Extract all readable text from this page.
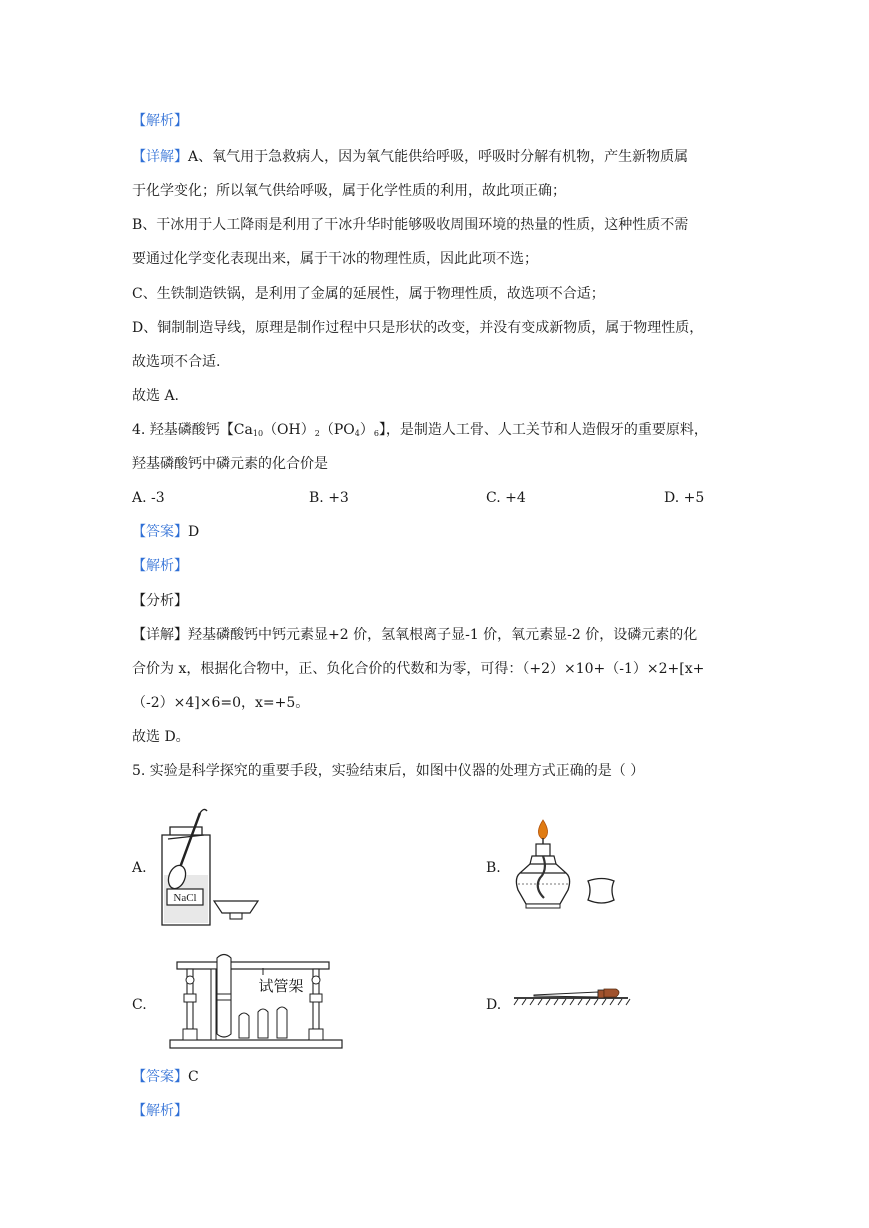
【解析】
【详解】A、氧气用于急救病人，因为氧气能供给呼吸，呼吸时分解有机物，产生新物质属
于化学变化；所以氧气供给呼吸，属于化学性质的利用，故此项正确；
B、干冰用于人工降雨是利用了干冰升华时能够吸收周围环境的热量的性质，这种性质不需
要通过化学变化表现出来，属于干冰的物理性质，因此此项不选；
C、生铁制造铁锅，是利用了金属的延展性，属于物理性质，故选项不合适；
D、铜制制造导线，原理是制作过程中只是形状的改变，并没有变成新物质，属于物理性质，
故选项不合适.
故选 A.
4. 羟基磷酸钙【$Ca_{10}(OH)_2(PO_4)_6$】，是制造人工骨、人工关节和人造假牙的重要原料，
羟基磷酸钙中磷元素的化合价是
A. -3	B. +3	C. +4	D. +5
【答案】D
【解析】
【分析】
【详解】羟基磷酸钙中钙元素显+2 价，氢氧根离子显-1 价，氧元素显-2 价，设磷元素的化
合价为 x，根据化合物中，正、负化合价的代数和为零，可得：（+2）×10+（-1）×2+[x+
（-2）×4]×6=0，x=+5。
故选 D。
5. 实验是科学探究的重要手段，实验结束后，如图中仪器的处理方式正确的是（ ）
A.	B.
C.	D.
NaCl
试管架
【答案】C
【解析】
